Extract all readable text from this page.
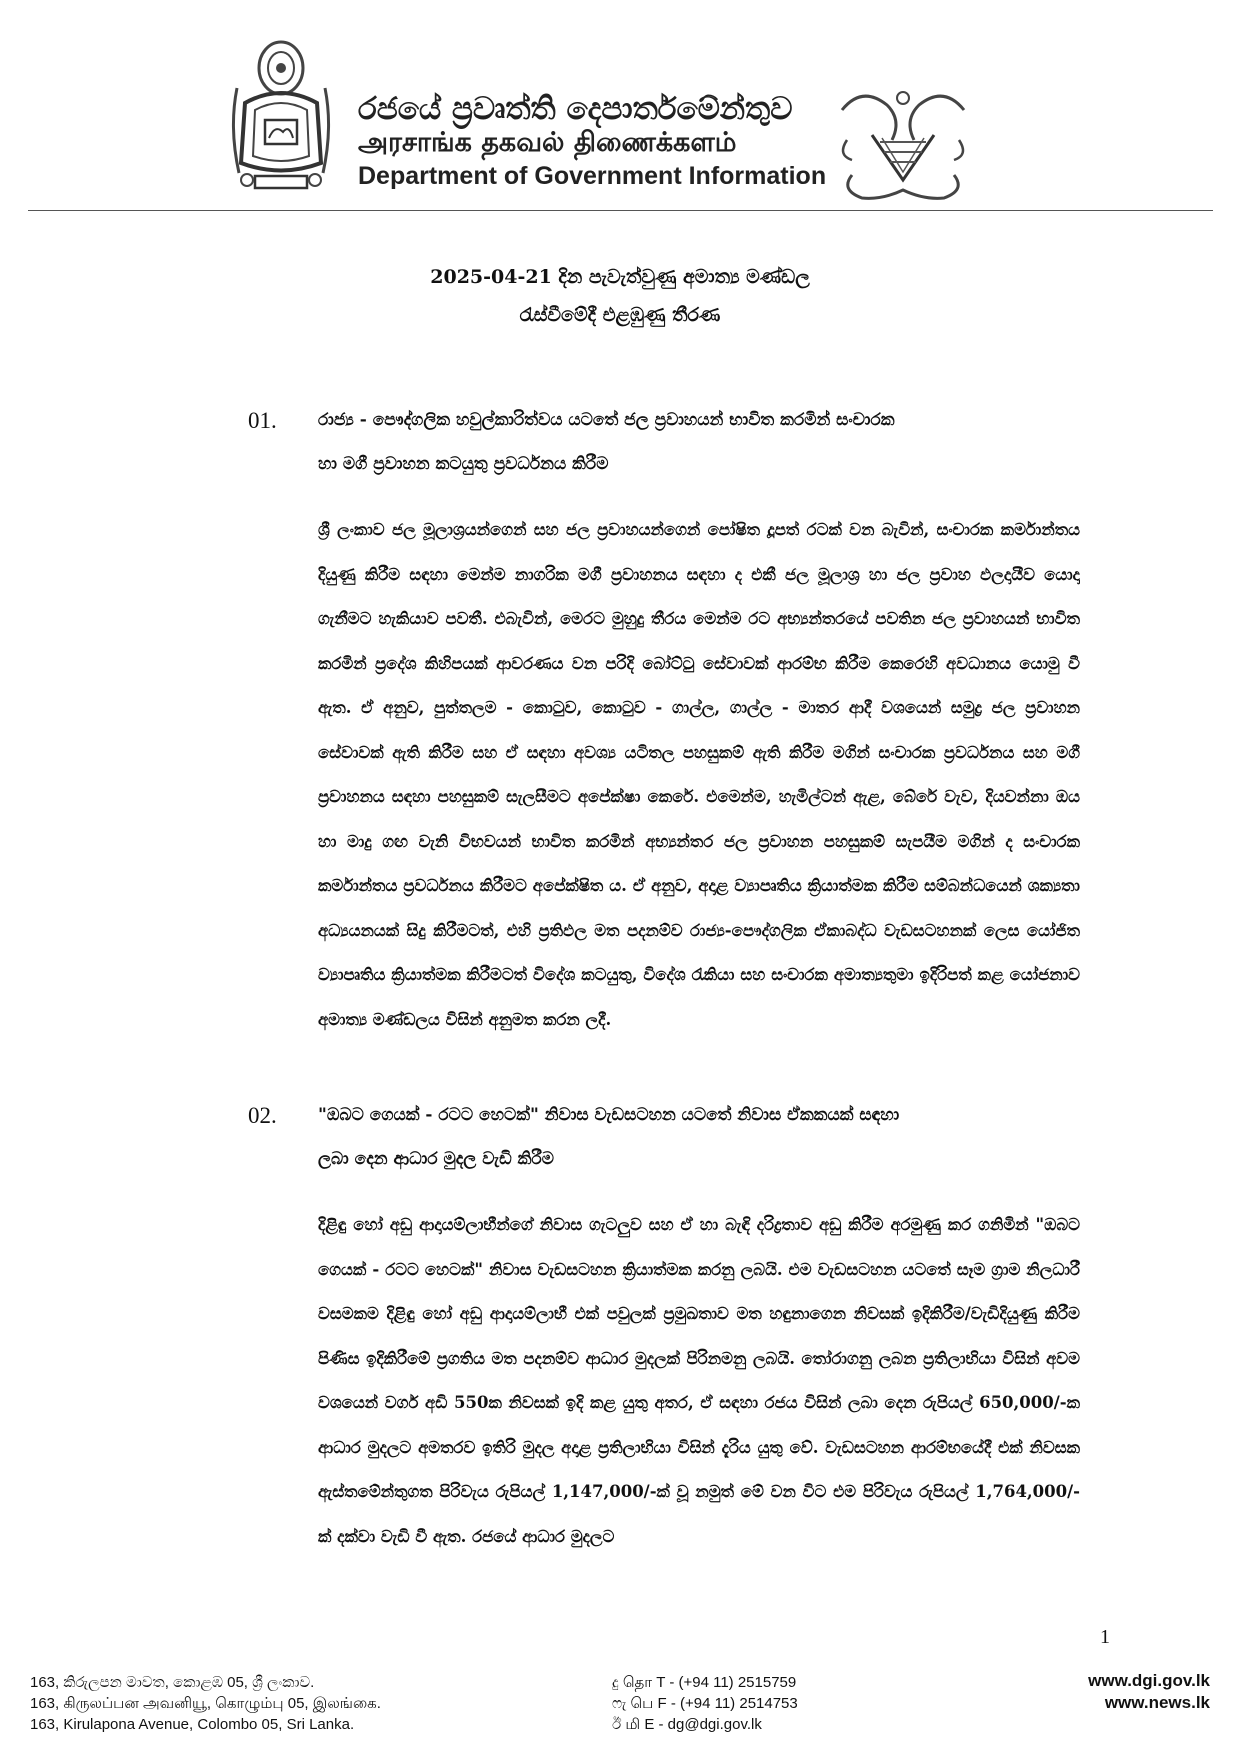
රජයේ ප්‍රවෘත්ති දෙපාර්තමේන්තුව
அரசாங்க தகவல் திணைக்களம்
Department of Government Information
2025-04-21 දින පැවැත්වුණු අමාත්‍ය මණ්ඩල
රැස්වීමේදී එළඹුණු තීරණ
01. රාජ්‍ය - පෞද්ගලික හවුල්කාරිත්වය යටතේ ජල ප්‍රවාහයන් භාවිත කරමින් සංචාරක
හා මගී ප්‍රවාහන කටයුතු ප්‍රවර්ධනය කිරීම
ශ්‍රී ලංකාව ජල මූලාශ්‍රයන්ගෙන් සහ ජල ප්‍රවාහයන්ගෙන් පෝෂිත දූපත් රටක් වන බැවින්, සංචාරක කර්මාන්තය දියුණු කිරීම සඳහා මෙන්ම නාගරික මගී ප්‍රවාහනය සඳහා ද එකී ජල මූලාශ්‍ර හා ජල ප්‍රවාහ ඵලදායීව යොදා ගැනීමට හැකියාව පවතී. එබැවින්, මෙරට මුහුදු තීරය මෙන්ම රට අභ්‍යන්තරයේ පවතින ජල ප්‍රවාහයන් භාවිත කරමින් ප්‍රදේශ කිහිපයක් ආවරණය වන පරිදි බෝට්ටු සේවාවක් ආරම්භ කිරීම කෙරෙහි අවධානය යොමු වී ඇත. ඒ අනුව, පුත්තලම - කොටුව, කොටුව - ගාල්ල, ගාල්ල - මාතර ආදී වශයෙන් සමුද්‍ර ජල ප්‍රවාහන සේවාවක් ඇති කිරීම සහ ඒ සඳහා අවශ්‍ය යටිතල පහසුකම් ඇති කිරීම මගින් සංචාරක ප්‍රවර්ධනය සහ මගී ප්‍රවාහනය සඳහා පහසුකම් සැලසීමට අපේක්ෂා කෙරේ. එමෙන්ම, හැමිල්ටන් ඇළ, බේරේ වැව, දියවන්නා ඔය හා මාදු ගඟ වැනි විභවයන් භාවිත කරමින් අභ්‍යන්තර ජල ප්‍රවාහන පහසුකම් සැපයීම මගින් ද සංචාරක කර්මාන්තය ප්‍රවර්ධනය කිරීමට අපේක්ෂිත ය. ඒ අනුව, අදාළ ව්‍යාපෘතිය ක්‍රියාත්මක කිරීම සම්බන්ධයෙන් ශක්‍යතා අධ්‍යයනයක් සිදු කිරීමටත්, එහි ප්‍රතිඵල මත පදනම්ව රාජ්‍ය-පෞද්ගලික ඒකාබද්ධ වැඩසටහනක් ලෙස යෝජිත ව්‍යාපෘතිය ක්‍රියාත්මක කිරීමටත් විදේශ කටයුතු, විදේශ රැකියා සහ සංචාරක අමාත්‍යතුමා ඉදිරිපත් කළ යෝජනාව අමාත්‍ය මණ්ඩලය විසින් අනුමත කරන ලදී.
02. "ඔබට ගෙයක් - රටට හෙටක්" නිවාස වැඩසටහන යටතේ නිවාස ඒකකයක් සඳහා
ලබා දෙන ආධාර මුදල වැඩි කිරීම
දිළිඳු හෝ අඩු ආදායම්ලාභීන්ගේ නිවාස ගැටලුව සහ ඒ හා බැඳි දරිද්‍රතාව අඩු කිරීම අරමුණු කර ගනිමින් "ඔබට ගෙයක් - රටට හෙටක්" නිවාස වැඩසටහන ක්‍රියාත්මක කරනු ලබයි. එම වැඩසටහන යටතේ සෑම ග්‍රාම නිලධාරී වසමකම දිළිඳු හෝ අඩු ආදායම්ලාභී එක් පවුලක් ප්‍රමුඛතාව මත හඳුනාගෙන නිවසක් ඉදිකිරීම/වැඩිදියුණු කිරීම පිණිස ඉදිකිරීමේ ප්‍රගතිය මත පදනම්ව ආධාර මුදලක් පිරිනමනු ලබයි. තෝරාගනු ලබන ප්‍රතිලාභියා විසින් අවම වශයෙන් වර්ග අඩි 550ක නිවසක් ඉදි කළ යුතු අතර, ඒ සඳහා රජය විසින් ලබා දෙන රුපියල් 650,000/-ක ආධාර මුදලට අමතරව ඉතිරි මුදල අදාළ ප්‍රතිලාභියා විසින් දැරිය යුතු වේ. වැඩසටහන ආරම්භයේදී එක් නිවසක ඇස්තමේන්තුගත පිරිවැය රුපියල් 1,147,000/-ක් වූ නමුත් මේ වන විට එම පිරිවැය රුපියල් 1,764,000/-ක් දක්වා වැඩි වී ඇත. රජයේ ආධාර මුදලට
1
163, කිරුලපන මාවත, කොළඹ 05, ශ්‍රී ලංකාව.
163, கிருலப்பன அவனியூ, கொழும்பு 05, இலங்கை.
163, Kirulapona Avenue, Colombo 05, Sri Lanka.
දු தொ T - (+94 11) 2515759
ෆැ பெ F - (+94 11) 2514753
ඊ மி E - dg@dgi.gov.lk
www.dgi.gov.lk
www.news.lk
